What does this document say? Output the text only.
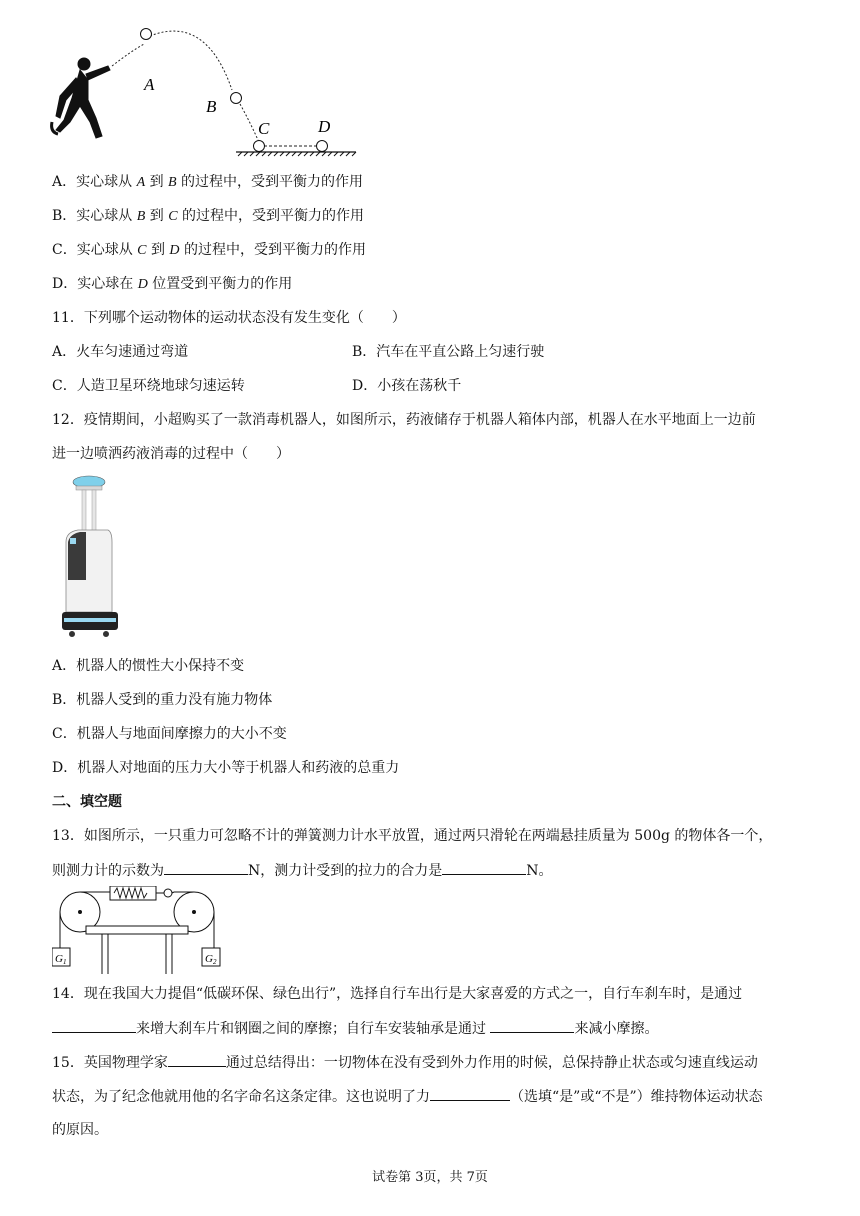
A
B
C	D
A．实心球从 A 到 B 的过程中，受到平衡力的作用
B．实心球从 B 到 C 的过程中，受到平衡力的作用
C．实心球从 C 到 D 的过程中，受到平衡力的作用
D．实心球在 D 位置受到平衡力的作用
11．下列哪个运动物体的运动状态没有发生变化（　　）
A．火车匀速通过弯道	B．汽车在平直公路上匀速行驶
C．人造卫星环绕地球匀速运转	D．小孩在荡秋千
12．疫情期间，小超购买了一款消毒机器人，如图所示，药液储存于机器人箱体内部，机器人在水平地面上一边前
进一边喷洒药液消毒的过程中（　　）
A．机器人的惯性大小保持不变
B．机器人受到的重力没有施力物体
C．机器人与地面间摩擦力的大小不变
D．机器人对地面的压力大小等于机器人和药液的总重力
二、填空题
13．如图所示，一只重力可忽略不计的弹簧测力计水平放置，通过两只滑轮在两端悬挂质量为 500g 的物体各一个，
则测力计的示数为	N，测力计受到的拉力的合力是	N。
G1	G2
14．现在我国大力提倡“低碳环保、绿色出行”，选择自行车出行是大家喜爱的方式之一，自行车刹车时，是通过
来增大刹车片和钢圈之间的摩擦；自行车安装轴承是通过	来减小摩擦。
15．英国物理学家	通过总结得出：一切物体在没有受到外力作用的时候，总保持静止状态或匀速直线运动
状态，为了纪念他就用他的名字命名这条定律。这也说明了力	（选填“是”或“不是”）维持物体运动状态
的原因。
试卷第 3页，共 7页
